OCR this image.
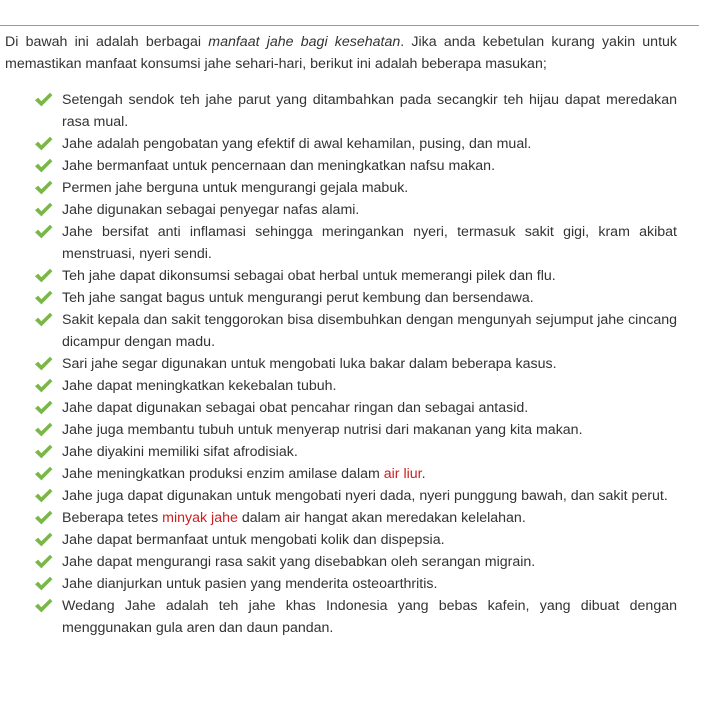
Di bawah ini adalah berbagai manfaat jahe bagi kesehatan. Jika anda kebetulan kurang yakin untuk memastikan manfaat konsumsi jahe sehari-hari, berikut ini adalah beberapa masukan;

Setengah sendok teh jahe parut yang ditambahkan pada secangkir teh hijau dapat meredakan rasa mual.
Jahe adalah pengobatan yang efektif di awal kehamilan, pusing, dan mual.
Jahe bermanfaat untuk pencernaan dan meningkatkan nafsu makan.
Permen jahe berguna untuk mengurangi gejala mabuk.
Jahe digunakan sebagai penyegar nafas alami.
Jahe bersifat anti inflamasi sehingga meringankan nyeri, termasuk sakit gigi, kram akibat menstruasi, nyeri sendi.
Teh jahe dapat dikonsumsi sebagai obat herbal untuk memerangi pilek dan flu.
Teh jahe sangat bagus untuk mengurangi perut kembung dan bersendawa.
Sakit kepala dan sakit tenggorokan bisa disembuhkan dengan mengunyah sejumput jahe cincang dicampur dengan madu.
Sari jahe segar digunakan untuk mengobati luka bakar dalam beberapa kasus.
Jahe dapat meningkatkan kekebalan tubuh.
Jahe dapat digunakan sebagai obat pencahar ringan dan sebagai antasid.
Jahe juga membantu tubuh untuk menyerap nutrisi dari makanan yang kita makan.
Jahe diyakini memiliki sifat afrodisiak.
Jahe meningkatkan produksi enzim amilase dalam air liur.
Jahe juga dapat digunakan untuk mengobati nyeri dada, nyeri punggung bawah, dan sakit perut.
Beberapa tetes minyak jahe dalam air hangat akan meredakan kelelahan.
Jahe dapat bermanfaat untuk mengobati kolik dan dispepsia.
Jahe dapat mengurangi rasa sakit yang disebabkan oleh serangan migrain.
Jahe dianjurkan untuk pasien yang menderita osteoarthritis.
Wedang Jahe adalah teh jahe khas Indonesia yang bebas kafein, yang dibuat dengan menggunakan gula aren dan daun pandan.
